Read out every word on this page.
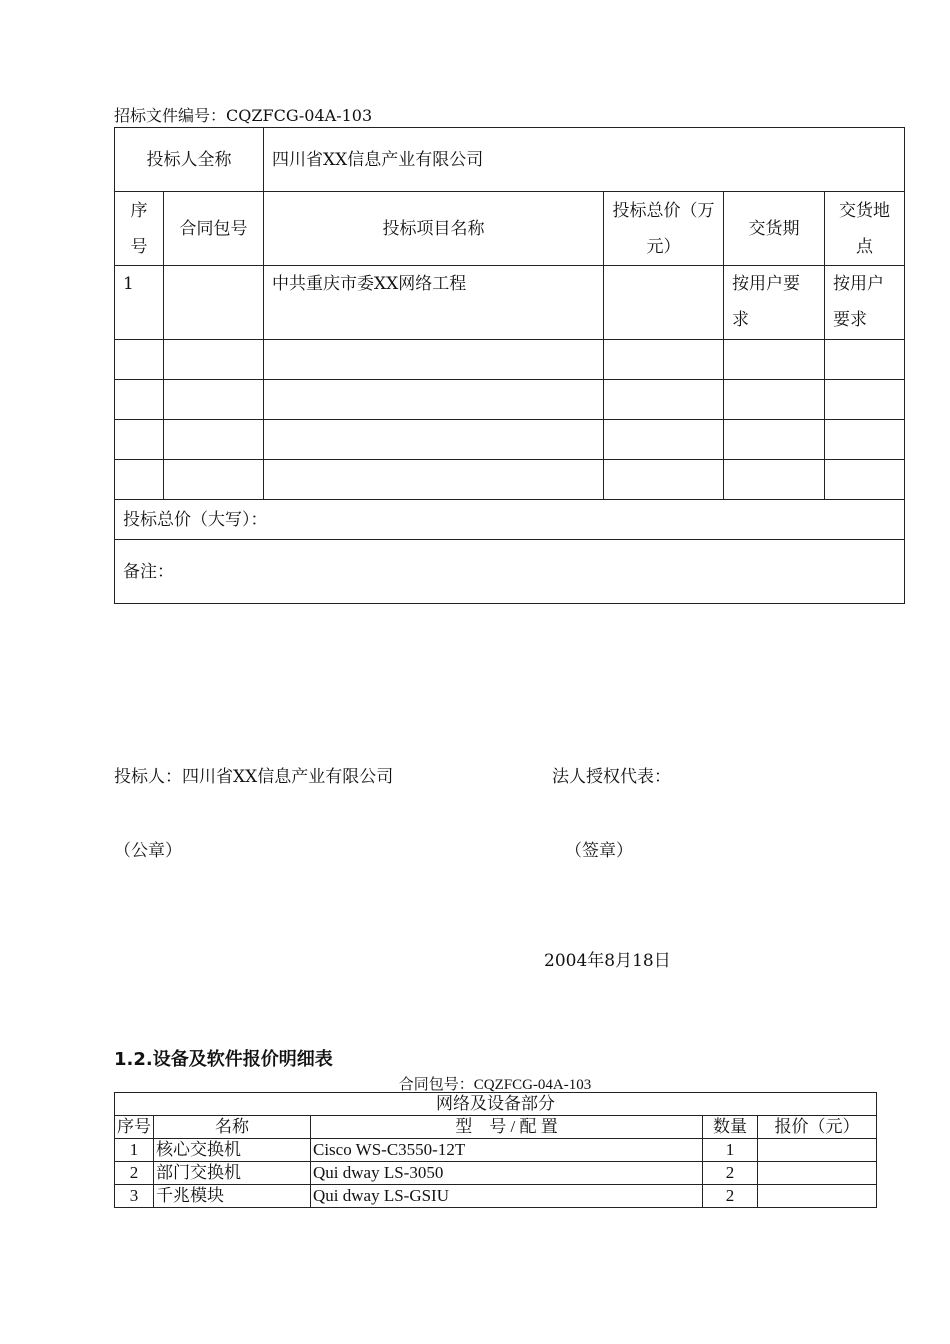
招标文件编号：CQZFCG-04A-103
投标人全称		四川省XX信息产业有限公司			
序号	合同包号	投标项目名称	投标总价（万元）	交货期	交货地点
1		中共重庆市委XX网络工程		按用户要求	按用户要求

投标总价（大写）：					
备注：					
投标人：四川省XX信息产业有限公司	法人授权代表：
（公章）	（签章）
2004年8月18日
1.2.设备及软件报价明细表
合同包号：CQZFCG-04A-103
网络及设备部分				
序号	名称	型　号 / 配 置	数量	报价（元）
1	核心交换机	Cisco WS-C3550-12T	1	
2	部门交换机	Qui dway LS-3050	2	
3	千兆模块	Qui dway LS-GSIU	2	
